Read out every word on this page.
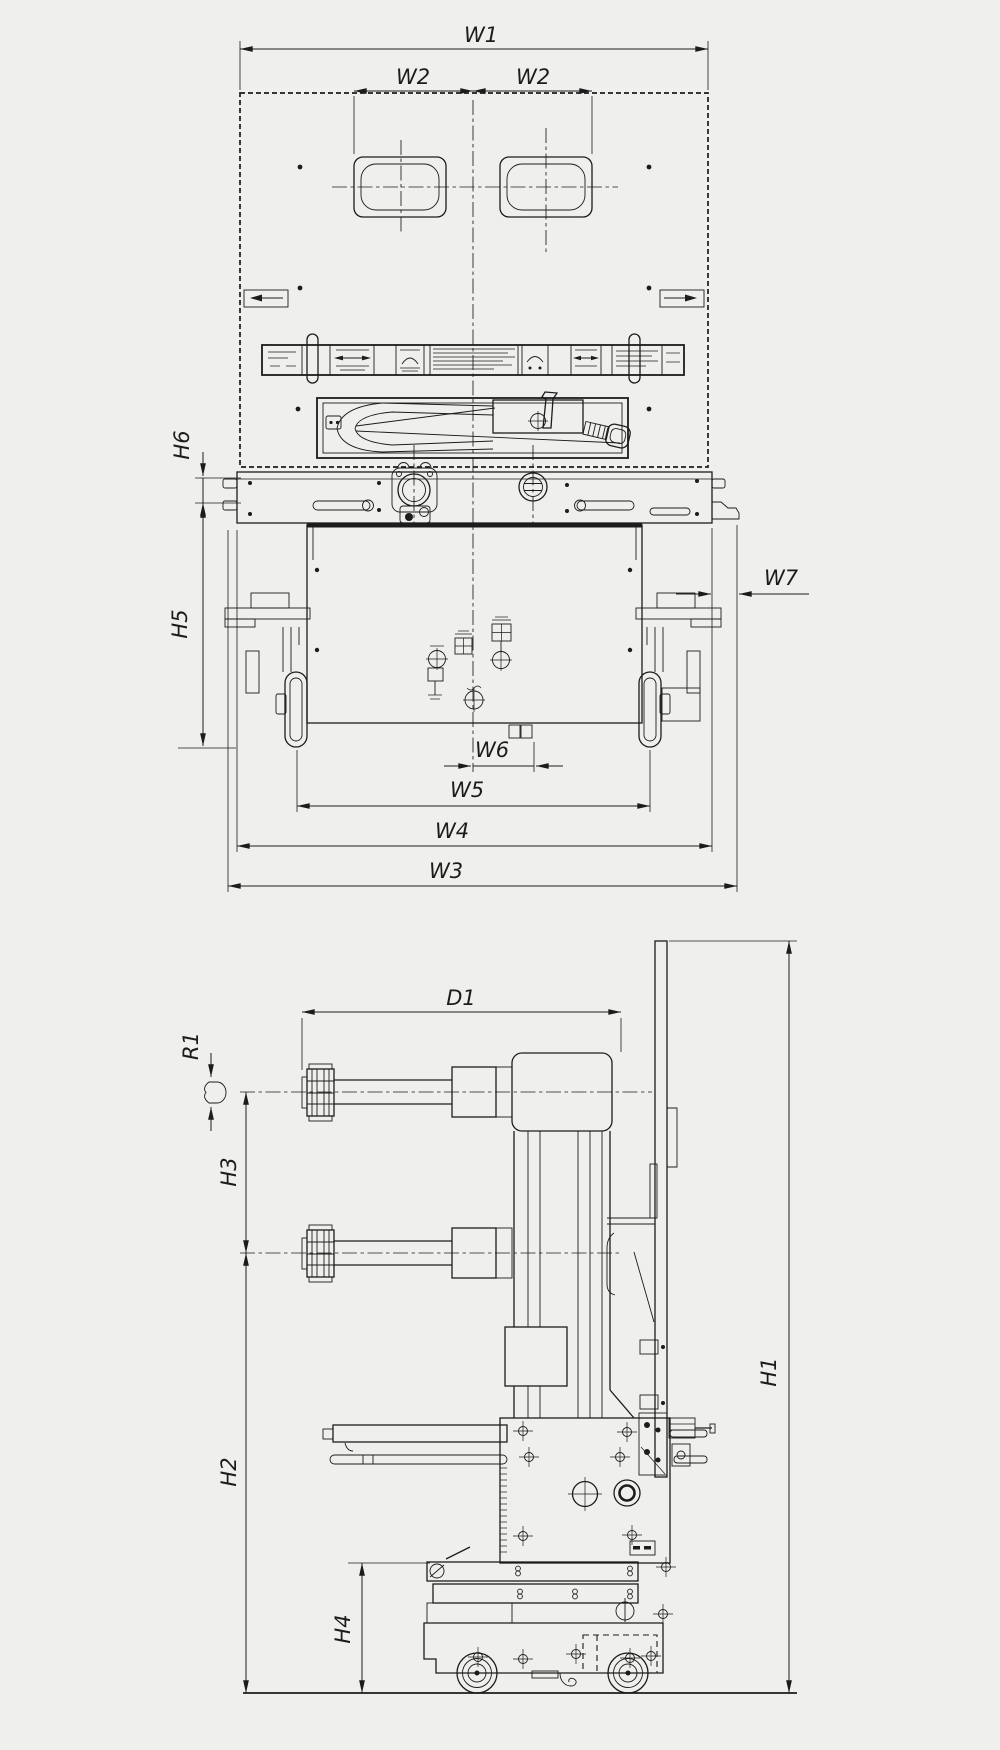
W1
W2	W2
H6
H5
W7
W6
W5
W4
W3
D1
R1
H3
H2
H4
H1
